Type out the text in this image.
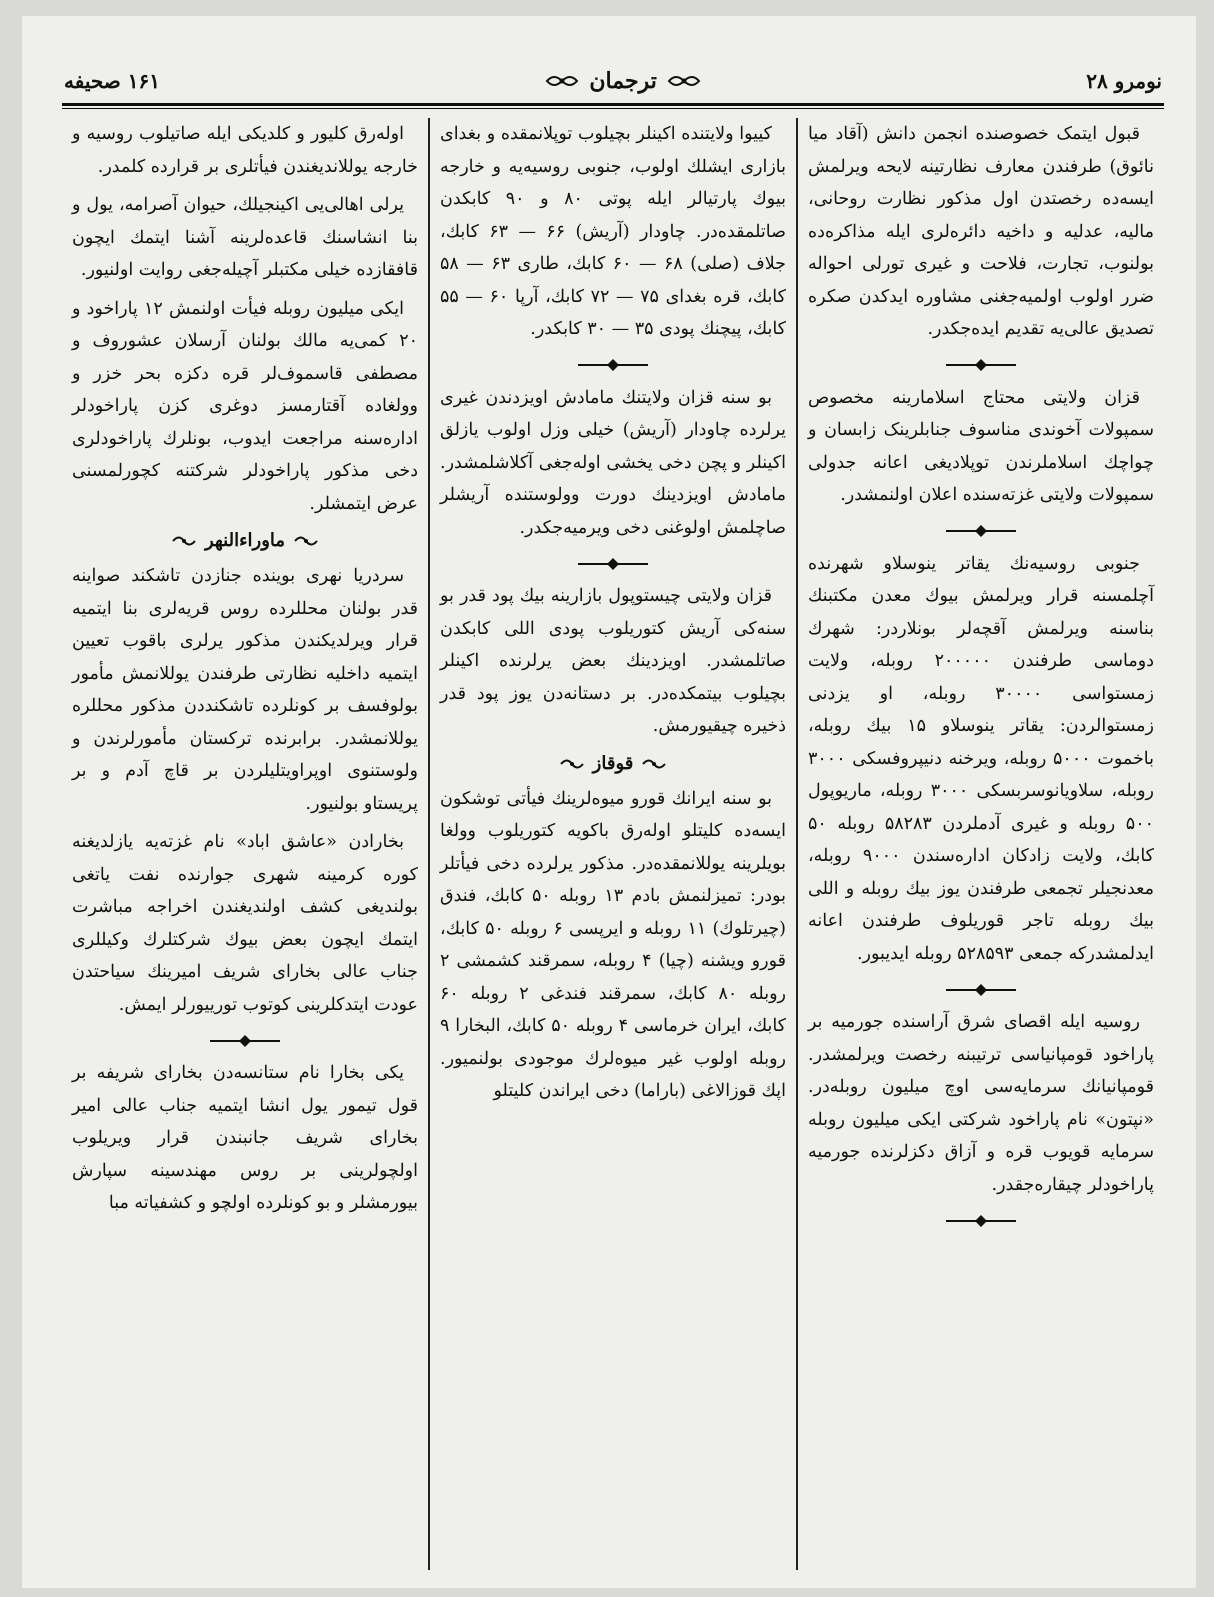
نومرو ۲۸
ترجمان
۱۶۱ صحیفه

قبول ایتمک خصوصنده انجمن دانش (آقاد میا نائوق) طرفندن معارف نظارتینه لایحه ویرلمش ایسه‌ده رخصتدن اول مذکور نظارت روحانی، مالیه، عدلیه و داخیه دائره‌لری ایله مذاکره‌ده بولنوب، تجارت، فلاحت و غیری تورلی احواله ضرر اولوب اولمیه‌جغنی مشاوره ایدکدن صکره تصدیق عالی‌یه تقدیم ایده‌جکدر.

قزان ولایتی محتاج اسلامارینه مخصوص سمپولات آخوندی مناسوف جنابلرینک زابسان و چواچك اسلاملرندن توپلادیغی اعانه جدولی سمپولات ولایتی غزته‌سنده اعلان اولنمشدر.

جنوبی روسیه‌نك یقاتر ینوسلاو شهرنده آچلمسنه قرار ویرلمش بیوك معدن مکتبنك بناسنه ویرلمش آقچه‌لر بونلاردر: شهرك دوماسی طرفندن ۲۰۰۰۰۰ روبله، ولایت زمستواسی ۳۰۰۰۰ روبله، او یزدنی زمستوالردن: یقاتر ینوسلاو ۱۵ بیك روبله، باخموت ۵۰۰۰ روبله، ویرخنه دنیپروفسکی ۳۰۰۰ روبله، سلاویانوسربسکی ۳۰۰۰ روبله، ماریوپول ۵۰۰ روبله و غیری آدملردن ۵۸۲۸۳ روبله ۵۰ کابك، ولایت زادکان اداره‌سندن ۹۰۰۰ روبله، معدنجیلر تجمعی طرفندن یوز بیك روبله و اللی بیك روبله تاجر قوریلوف طرفندن اعانه ایدلمشدرکه جمعی ۵۲۸۵۹۳ روبله ایدیبور.

روسیه ایله اقصای شرق آراسنده جورمیه بر پاراخود قومپانیاسی ترتیبنه رخصت ویرلمشدر. قومپانیانك سرمایه‌سی اوچ میلیون روبله‌در. «نپتون» نام پاراخود شرکتی ایکی میلیون روبله سرمایه قویوب قره و آزاق دکزلرنده جورمیه پاراخودلر چیقاره‌جقدر.

کییوا ولایتنده اکینلر بچیلوب توپلانمقده و بغدای بازاری ایشلك اولوب، جنوبی روسیه‌یه و خارجه بیوك پارتیالر ایله پوتی ۸۰ و ۹۰ کابکدن صاتلمقده‌در. چاودار (آریش) ۶۶ — ۶۳ کابك، جلاف (صلی) ۶۸ — ۶۰ کابك، طاری ۶۳ — ۵۸ کابك، قره بغدای ۷۵ — ۷۲ کابك، آرپا ۶۰ — ۵۵ کابك، پیچنك پودی ۳۵ — ۳۰ کابکدر.

بو سنه قزان ولایتنك مامادش اویزدندن غیری یرلرده چاودار (آریش) خیلی وزل اولوب یازلق اکینلر و پچن دخی یخشی اوله‌جغی آکلاشلمشدر. مامادش اویزدینك دورت وولوستنده آریشلر صاچلمش اولوغنی دخی ویرمیه‌جکدر.

قزان ولایتی چیستوپول بازارینه بیك پود قدر بو سنه‌کی آریش کتوریلوب پودی اللی کابکدن صاتلمشدر. اویزدینك بعض یرلرنده اکینلر بچیلوب بیتمکده‌در. بر دستانه‌دن یوز پود قدر ذخیره چیقیورمش.

قوقاز

بو سنه ایرانك قورو میوه‌لرینك فیأتی توشکون ایسه‌ده کلیتلو اوله‌رق باکویه کتوریلوب وولغا بویلرینه یوللانمقده‌در. مذکور یرلرده دخی فیأتلر بودر: تمیزلنمش بادم ۱۳ روبله ۵۰ کابك، فندق (چیرتلوك) ۱۱ روبله و ایرپسی ۶ روبله ۵۰ کابك، قورو ویشنه (چیا) ۴ روبله، سمرقند کشمشی ۲ روبله ۸۰ کابك، سمرقند فندغی ۲ روبله ۶۰ کابك، ایران خرماسی ۴ روبله ۵۰ کابك، البخارا ۹ روبله اولوب غیر میوه‌لرك موجودی بولنمیور. اپك قوزالاغی (باراما) دخی ایراندن کلیتلو

اوله‌رق کلیور و کلدیکی ایله صاتیلوب روسیه و خارجه یوللاندیغندن فیأتلری بر قرارده کلمدر.

یرلی اهالی‌یی اکینجیلك، حیوان آصرامه، یول و بنا انشاسنك قاعده‌لرینه آشنا ایتمك ایچون قافقازده خیلی مکتبلر آچیله‌جغی روایت اولنیور.

ایکی میلیون روبله فیأت اولنمش ۱۲ پاراخود و ۲۰ کمی‌یه مالك بولنان آرسلان عشوروف و مصطفی قاسموف‌لر قره دکزه بحر خزر و وولغاده آقتارمسز دوغری کزن پاراخودلر اداره‌سنه مراجعت ایدوب، بونلرك پاراخودلری دخی مذکور پاراخودلر شرکتنه کچورلمسنی عرض ایتمشلر.

ماوراءالنهر

سردریا نهری بوینده جنازدن تاشکند صواینه قدر بولنان محللرده روس قریه‌لری بنا ایتمیه قرار ویرلدیکندن مذکور یرلری باقوب تعیین ایتمیه داخلیه نظارتی طرفندن یوللانمش مأمور بولوفسف بر کونلرده تاشکنددن مذکور محللره یوللانمشدر. برابرنده ترکستان مأمورلرندن و ولوستنوی اوپراویتلیلردن بر قاچ آدم و بر پریستاو بولنیور.

بخارادن «عاشق اباد» نام غزته‌یه یازلدیغنه کوره کرمینه شهری جوارنده نفت یاتغی بولندیغی کشف اولندیغندن اخراجه مباشرت ایتمك ایچون بعض بیوك شرکتلرك وکیللری جناب عالی بخارای شریف امیرینك سیاحتدن عودت ایتدکلرینی کوتوب تورییورلر ایمش.

یکی بخارا نام ستانسه‌دن بخارای شریفه بر قول تیمور یول انشا ایتمیه جناب عالی امیر بخارای شریف جانبندن قرار ویریلوب اولچولرینی بر روس مهندسینه سپارش بیورمشلر و بو کونلرده اولچو و کشفیاته مبا
